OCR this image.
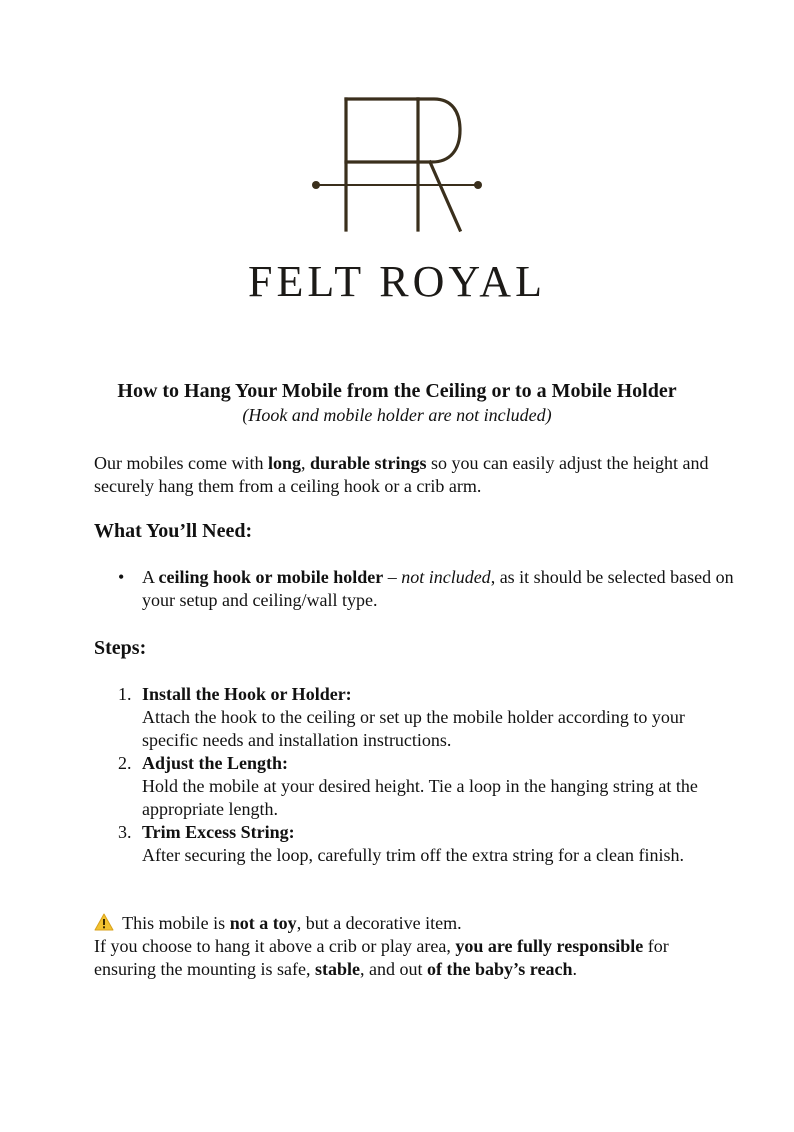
FELT ROYAL
How to Hang Your Mobile from the Ceiling or to a Mobile Holder
(Hook and mobile holder are not included)
Our mobiles come with long, durable strings so you can easily adjust the height and securely hang them from a ceiling hook or a crib arm.
What You’ll Need:
• A ceiling hook or mobile holder – not included, as it should be selected based on your setup and ceiling/wall type.
Steps:
1. Install the Hook or Holder:
Attach the hook to the ceiling or set up the mobile holder according to your specific needs and installation instructions.
2. Adjust the Length:
Hold the mobile at your desired height. Tie a loop in the hanging string at the appropriate length.
3. Trim Excess String:
After securing the loop, carefully trim off the extra string for a clean finish.
This mobile is not a toy, but a decorative item.
If you choose to hang it above a crib or play area, you are fully responsible for ensuring the mounting is safe, stable, and out of the baby’s reach.
